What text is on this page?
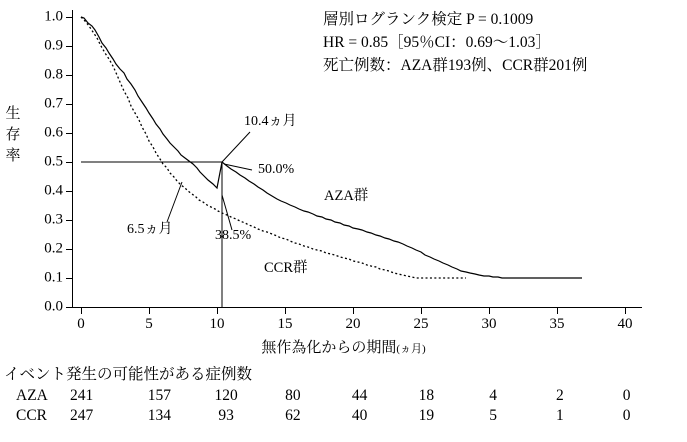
層別ログランク検定 P = 0.1009
HR = 0.85［95％CI：0.69〜1.03］
死亡例数：AZA群193例、CCR群201例
生
存
率
0.0
0.1
0.2
0.3
0.4
0.5
0.6
0.7
0.8
0.9
1.0
0	5	10	15	20	25	30	35	40
10.4ヵ月
50.0%
6.5ヵ月	38.5%
AZA群
CCR群
無作為化からの期間(ヵ月)
イベント発生の可能性がある症例数
AZA	241	157	120	80	44	18	4	2	0
CCR	247	134	93	62	40	19	5	1	0
